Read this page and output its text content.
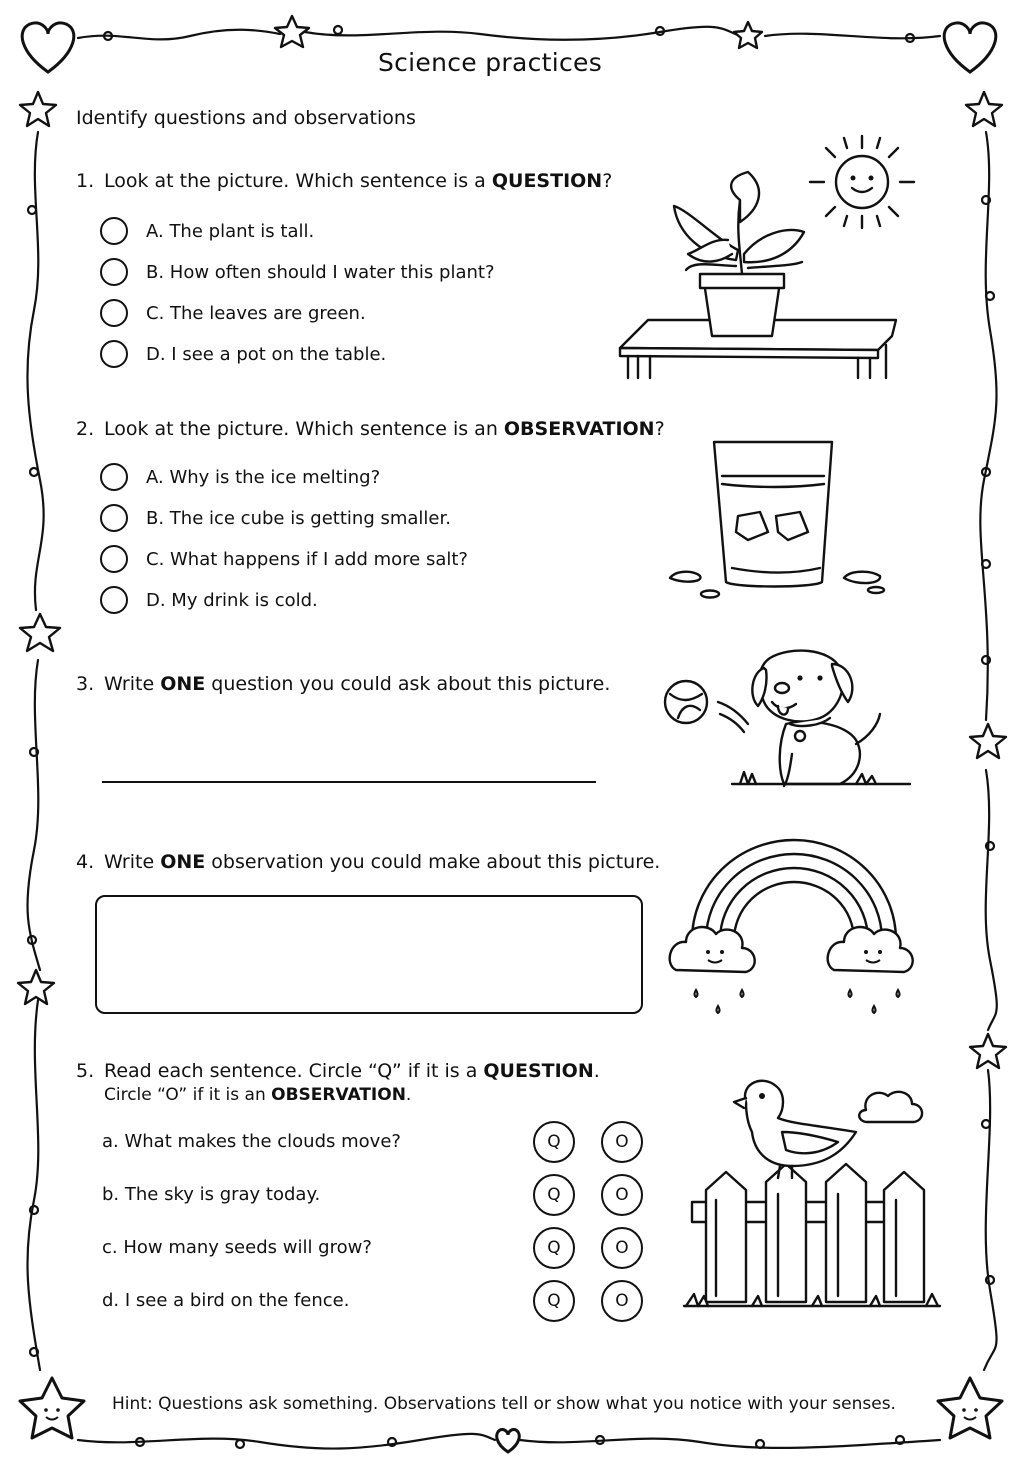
Science practices
Identify questions and observations
1. Look at the picture. Which sentence is a QUESTION?
A. The plant is tall.
B. How often should I water this plant?
C. The leaves are green.
D. I see a pot on the table.
2. Look at the picture. Which sentence is an OBSERVATION?
A. Why is the ice melting?
B. The ice cube is getting smaller.
C. What happens if I add more salt?
D. My drink is cold.
3. Write ONE question you could ask about this picture.
4. Write ONE observation you could make about this picture.
5. Read each sentence. Circle “Q” if it is a QUESTION.
Circle “O” if it is an OBSERVATION.
a. What makes the clouds move?	Q	O
b. The sky is gray today.	Q	O
c. How many seeds will grow?	Q	O
d. I see a bird on the fence.	Q	O
Hint: Questions ask something. Observations tell or show what you notice with your senses.
